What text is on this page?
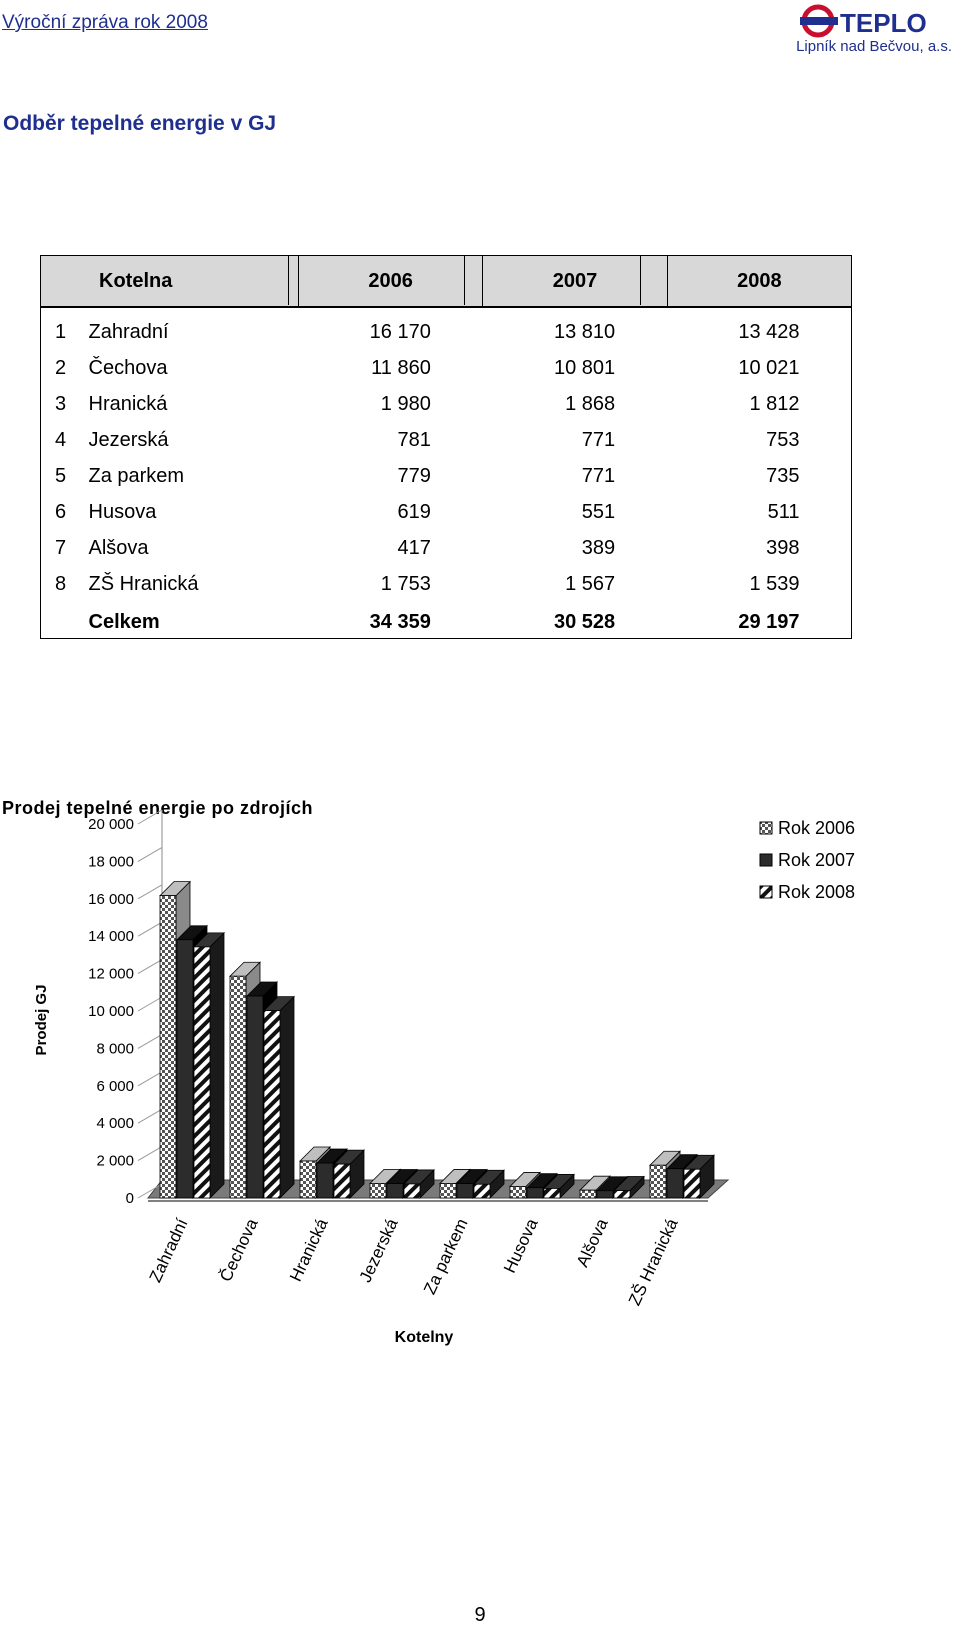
Výroční zpráva rok 2008	TEPLO
Lipník nad Bečvou, a.s.
Odběr tepelné energie v GJ
Kotelna		2006	2007	2008
1	Zahradní	16 170	13 810	13 428
2	Čechova	11 860	10 801	10 021
3	Hranická	1 980	1 868	1 812
4	Jezerská	781	771	753
5	Za parkem	779	771	735
6	Husova	619	551	511
7	Alšova	417	389	398
8	ZŠ Hranická	1 753	1 567	1 539
	Celkem	34 359	30 528	29 197
Prodej tepelné energie po zdrojích
0
2 000
4 000
6 000
8 000
10 000
12 000
14 000
16 000
18 000
20 000
Prodej GJ
Zahradní Čechova Hranická Jezerská Za parkem Husova Alšova ZŠ Hranická
Kotelny
Rok 2006
Rok 2007
Rok 2008
9
